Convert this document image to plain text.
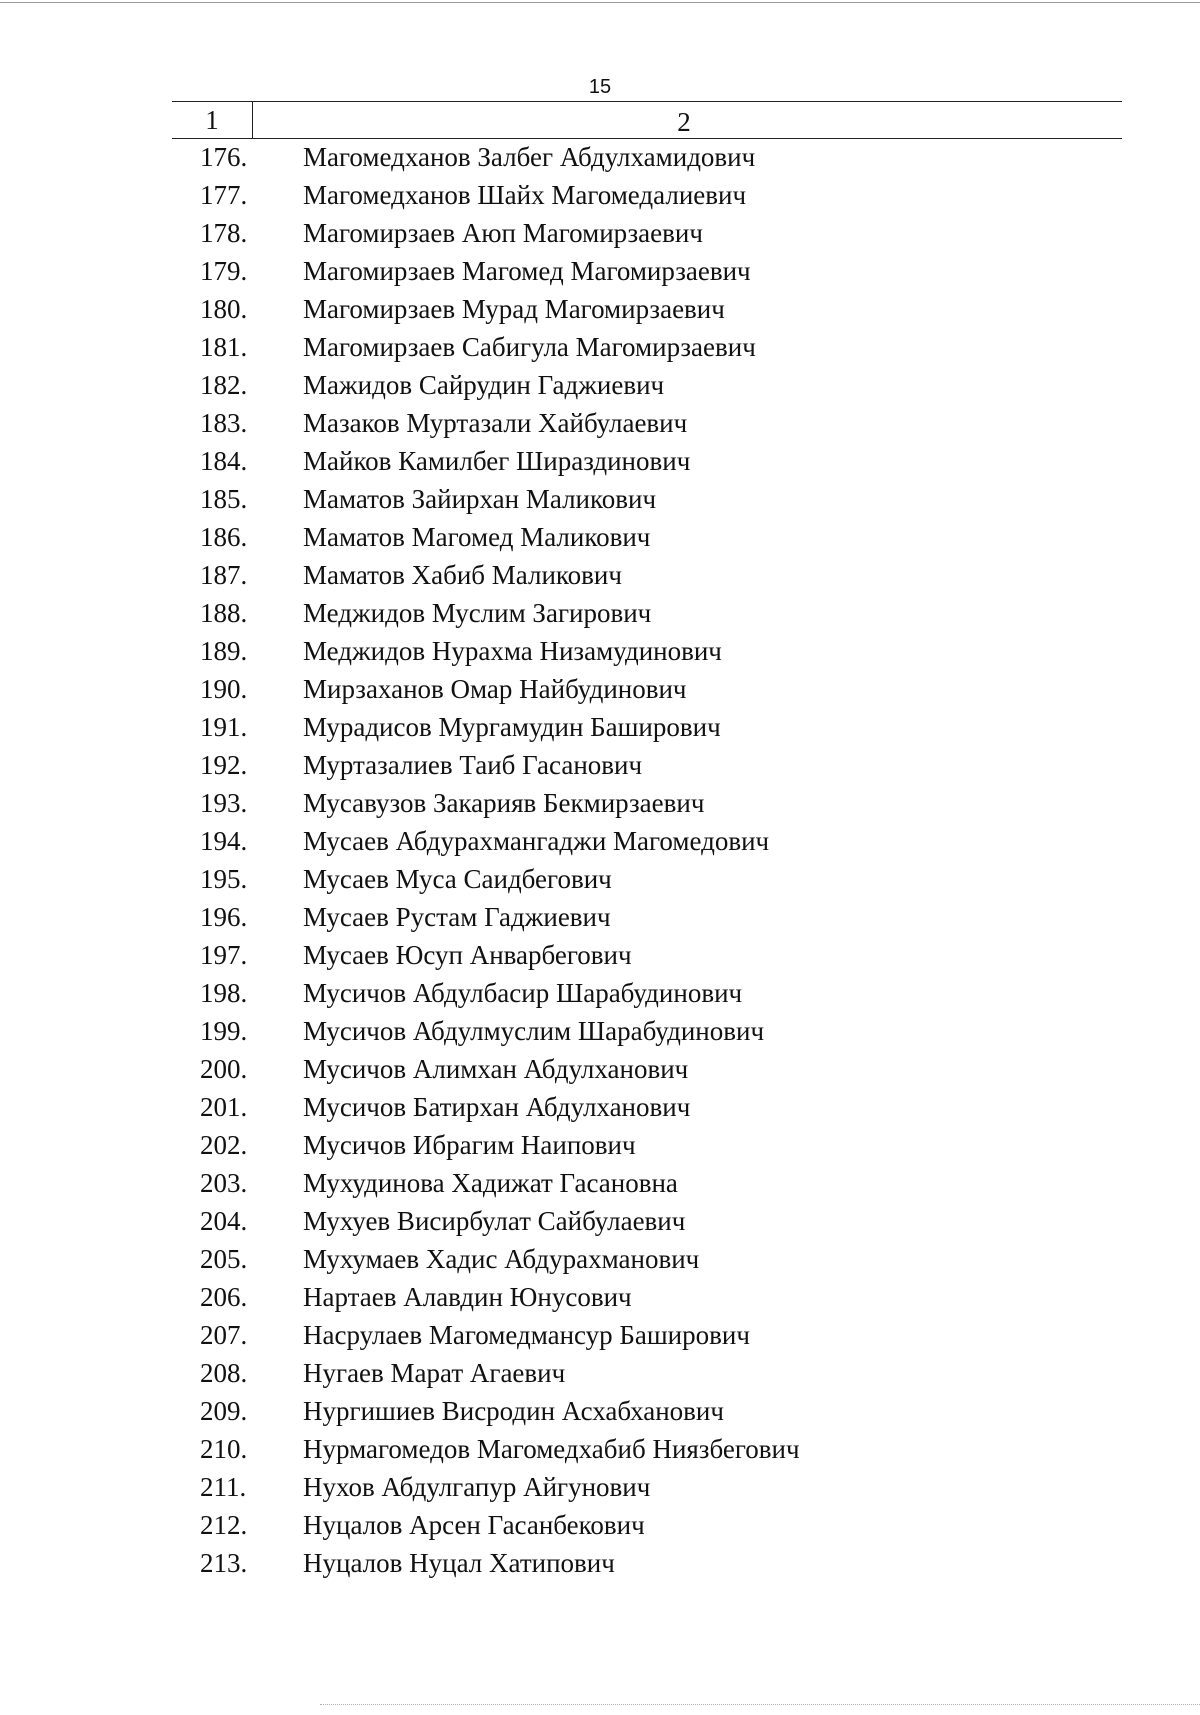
15
1	2
176.	Магомедханов Залбег Абдулхамидович
177.	Магомедханов Шайх Магомедалиевич
178.	Магомирзаев Аюп Магомирзаевич
179.	Магомирзаев Магомед Магомирзаевич
180.	Магомирзаев Мурад Магомирзаевич
181.	Магомирзаев Сабигула Магомирзаевич
182.	Мажидов Сайрудин Гаджиевич
183.	Мазаков Муртазали Хайбулаевич
184.	Майков Камилбег Шираздинович
185.	Маматов Зайирхан Маликович
186.	Маматов Магомед Маликович
187.	Маматов Хабиб Маликович
188.	Меджидов Муслим Загирович
189.	Меджидов Нурахма Низамудинович
190.	Мирзаханов Омар Найбудинович
191.	Мурадисов Мургамудин Баширович
192.	Муртазалиев Таиб Гасанович
193.	Мусавузов Закарияв Бекмирзаевич
194.	Мусаев Абдурахмангаджи Магомедович
195.	Мусаев Муса Саидбегович
196.	Мусаев Рустам Гаджиевич
197.	Мусаев Юсуп Анварбегович
198.	Мусичов Абдулбасир Шарабудинович
199.	Мусичов Абдулмуслим Шарабудинович
200.	Мусичов Алимхан Абдулханович
201.	Мусичов Батирхан Абдулханович
202.	Мусичов Ибрагим Наипович
203.	Мухудинова Хадижат Гасановна
204.	Мухуев Висирбулат Сайбулаевич
205.	Мухумаев Хадис Абдурахманович
206.	Нартаев Алавдин Юнусович
207.	Насрулаев Магомедмансур Баширович
208.	Нугаев Марат Агаевич
209.	Нургишиев Висродин Асхабханович
210.	Нурмагомедов Магомедхабиб Ниязбегович
211.	Нухов Абдулгапур Айгунович
212.	Нуцалов Арсен Гасанбекович
213.	Нуцалов Нуцал Хатипович
